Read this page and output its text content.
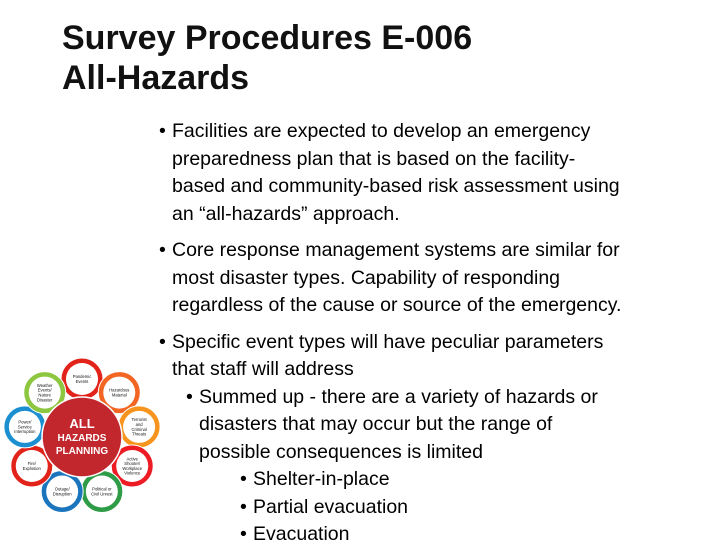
Survey Procedures E-006
All-Hazards
• Facilities are expected to develop an emergency
preparedness plan that is based on the facility-
based and community-based risk assessment using
an “all-hazards” approach.
• Core response management systems are similar for
most disaster types. Capability of responding
regardless of the cause or source of the emergency.
• Specific event types will have peculiar parameters
that staff will address
• Summed up - there are a variety of hazards or
disasters that may occur but the range of
possible consequences is limited
• Shelter-in-place
• Partial evacuation
• Evacuation
Pandemic Events
Hazardous Material
Terrorist and Criminal Threats
Active Shooter/ Workplace Violence
Political or Civil Unrest
Outage/ Disruption
Fire/ Explosion
Power/ Service Interruption
Weather Events/ Nature Disaster
ALL
HAZARDS
PLANNING
